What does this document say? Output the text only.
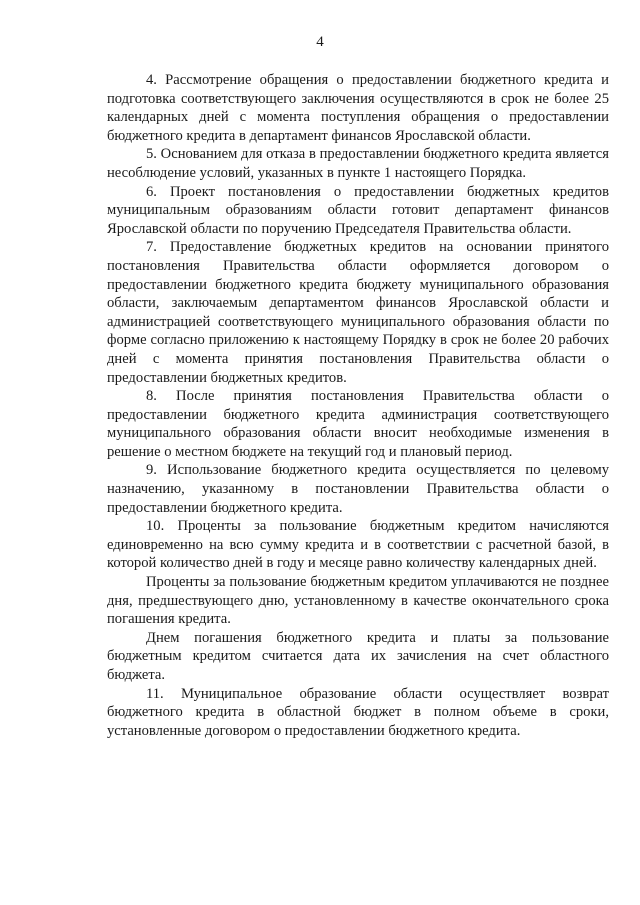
4

4. Рассмотрение обращения о предоставлении бюджетного кредита и подготовка соответствующего заключения осуществляются в срок не более 25 календарных дней с момента поступления обращения о предоставлении бюджетного кредита в департамент финансов Ярославской области.

5. Основанием для отказа в предоставлении бюджетного кредита является несоблюдение условий, указанных в пункте 1 настоящего Порядка.

6. Проект постановления о предоставлении бюджетных кредитов муниципальным образованиям области готовит департамент финансов Ярославской области по поручению Председателя Правительства области.

7. Предоставление бюджетных кредитов на основании принятого постановления Правительства области оформляется договором о предоставлении бюджетного кредита бюджету муниципального образования области, заключаемым департаментом финансов Ярославской области и администрацией соответствующего муниципального образования области по форме согласно приложению к настоящему Порядку в срок не более 20 рабочих дней с момента принятия постановления Правительства области о предоставлении бюджетных кредитов.

8. После принятия постановления Правительства области о предоставлении бюджетного кредита администрация соответствующего муниципального образования области вносит необходимые изменения в решение о местном бюджете на текущий год и плановый период.

9. Использование бюджетного кредита осуществляется по целевому назначению, указанному в постановлении Правительства области о предоставлении бюджетного кредита.

10. Проценты за пользование бюджетным кредитом начисляются единовременно на всю сумму кредита и в соответствии с расчетной базой, в которой количество дней в году и месяце равно количеству календарных дней.

Проценты за пользование бюджетным кредитом уплачиваются не позднее дня, предшествующего дню, установленному в качестве окончательного срока погашения кредита.

Днем погашения бюджетного кредита и платы за пользование бюджетным кредитом считается дата их зачисления на счет областного бюджета.

11. Муниципальное образование области осуществляет возврат бюджетного кредита в областной бюджет в полном объеме в сроки, установленные договором о предоставлении бюджетного кредита.
